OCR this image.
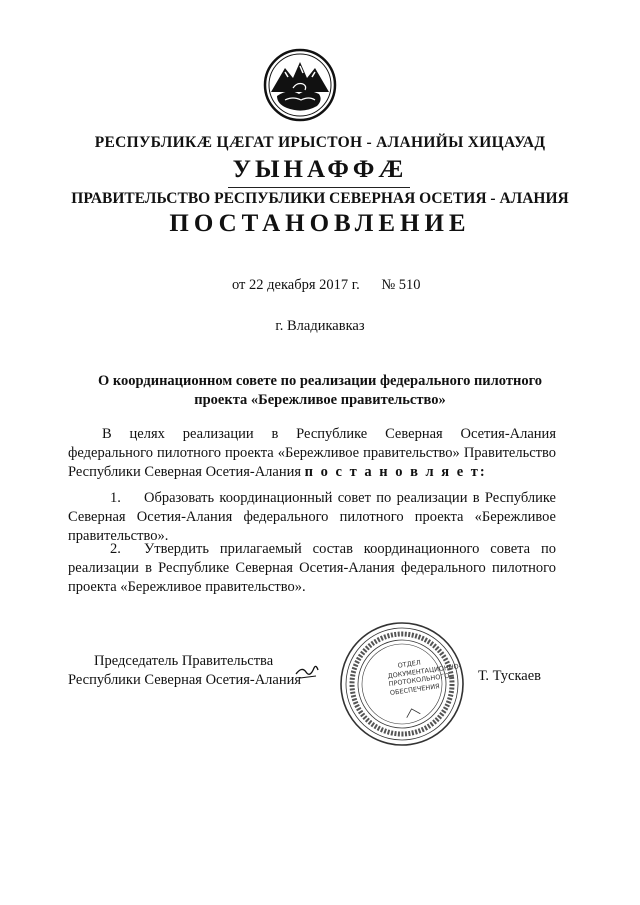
РЕСПУБЛИКӔ ЦӔГАТ ИРЫСТОН - АЛАНИЙЫ ХИЦАУАД
УЫНАФФӔ
ПРАВИТЕЛЬСТВО РЕСПУБЛИКИ СЕВЕРНАЯ ОСЕТИЯ - АЛАНИЯ
ПОСТАНОВЛЕНИЕ
от 22 декабря 2017 г. № 510
г. Владикавказ
О координационном совете по реализации федерального пилотного проекта «Бережливое правительство»
В целях реализации в Республике Северная Осетия-Алания федерального пилотного проекта «Бережливое правительство» Правительство Республики Северная Осетия-Алания п о с т а н о в л я е т:
1. Образовать координационный совет по реализации в Республике Северная Осетия-Алания федерального пилотного проекта «Бережливое правительство».
2. Утвердить прилагаемый состав координационного совета по реализации в Республике Северная Осетия-Алания федерального пилотного проекта «Бережливое правительство».
ОТДЕЛ ДОКУМЕНТАЦИОННО- ПРОТОКОЛЬНОГО ОБЕСПЕЧЕНИЯ
Председатель Правительства
Республики Северная Осетия-Алания	Т. Тускаев
